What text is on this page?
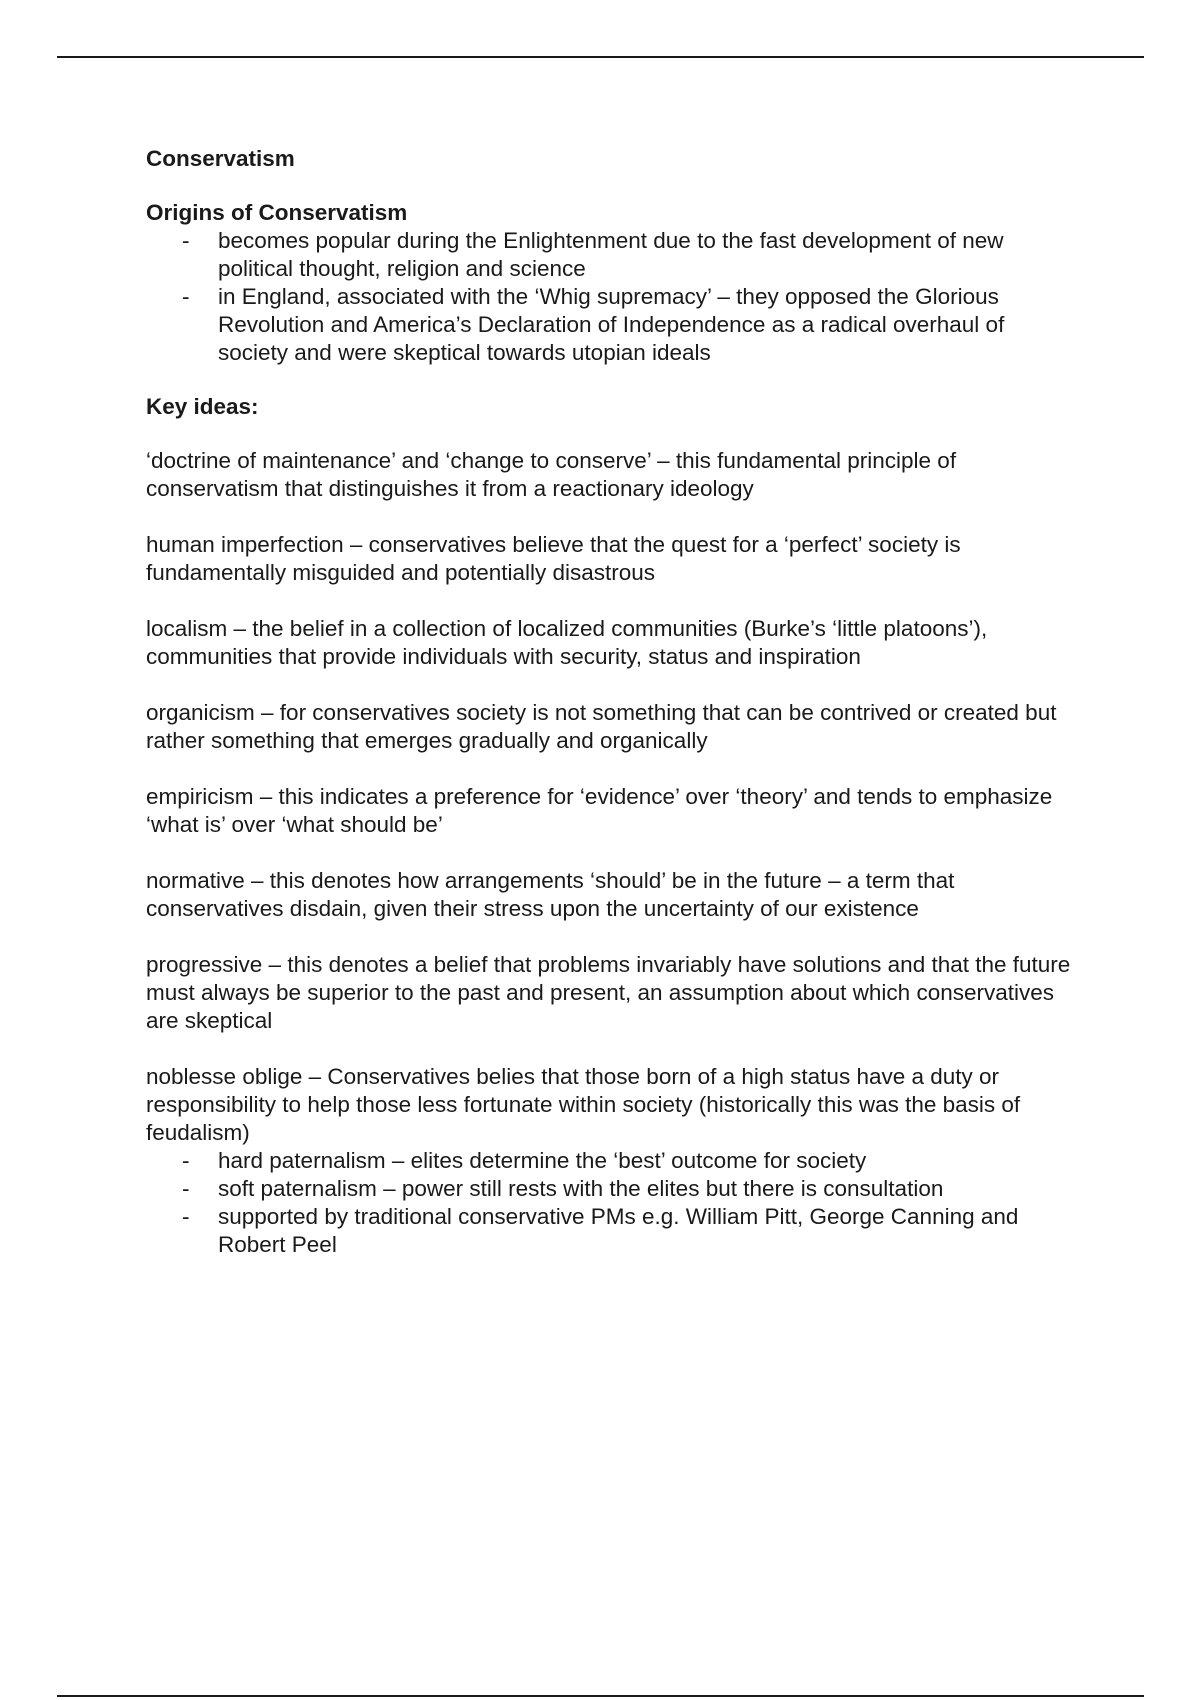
Conservatism

Origins of Conservatism

- becomes popular during the Enlightenment due to the fast development of new political thought, religion and science
- in England, associated with the ‘Whig supremacy’ – they opposed the Glorious Revolution and America’s Declaration of Independence as a radical overhaul of society and were skeptical towards utopian ideals

Key ideas:

‘doctrine of maintenance’ and ‘change to conserve’ – this fundamental principle of conservatism that distinguishes it from a reactionary ideology

human imperfection – conservatives believe that the quest for a ‘perfect’ society is fundamentally misguided and potentially disastrous

localism – the belief in a collection of localized communities (Burke’s ‘little platoons’), communities that provide individuals with security, status and inspiration

organicism – for conservatives society is not something that can be contrived or created but rather something that emerges gradually and organically

empiricism – this indicates a preference for ‘evidence’ over ‘theory’ and tends to emphasize ‘what is’ over ‘what should be’

normative – this denotes how arrangements ‘should’ be in the future – a term that conservatives disdain, given their stress upon the uncertainty of our existence

progressive – this denotes a belief that problems invariably have solutions and that the future must always be superior to the past and present, an assumption about which conservatives are skeptical

noblesse oblige – Conservatives belies that those born of a high status have a duty or responsibility to help those less fortunate within society (historically this was the basis of feudalism)

- hard paternalism – elites determine the ‘best’ outcome for society
- soft paternalism – power still rests with the elites but there is consultation
- supported by traditional conservative PMs e.g. William Pitt, George Canning and Robert Peel
